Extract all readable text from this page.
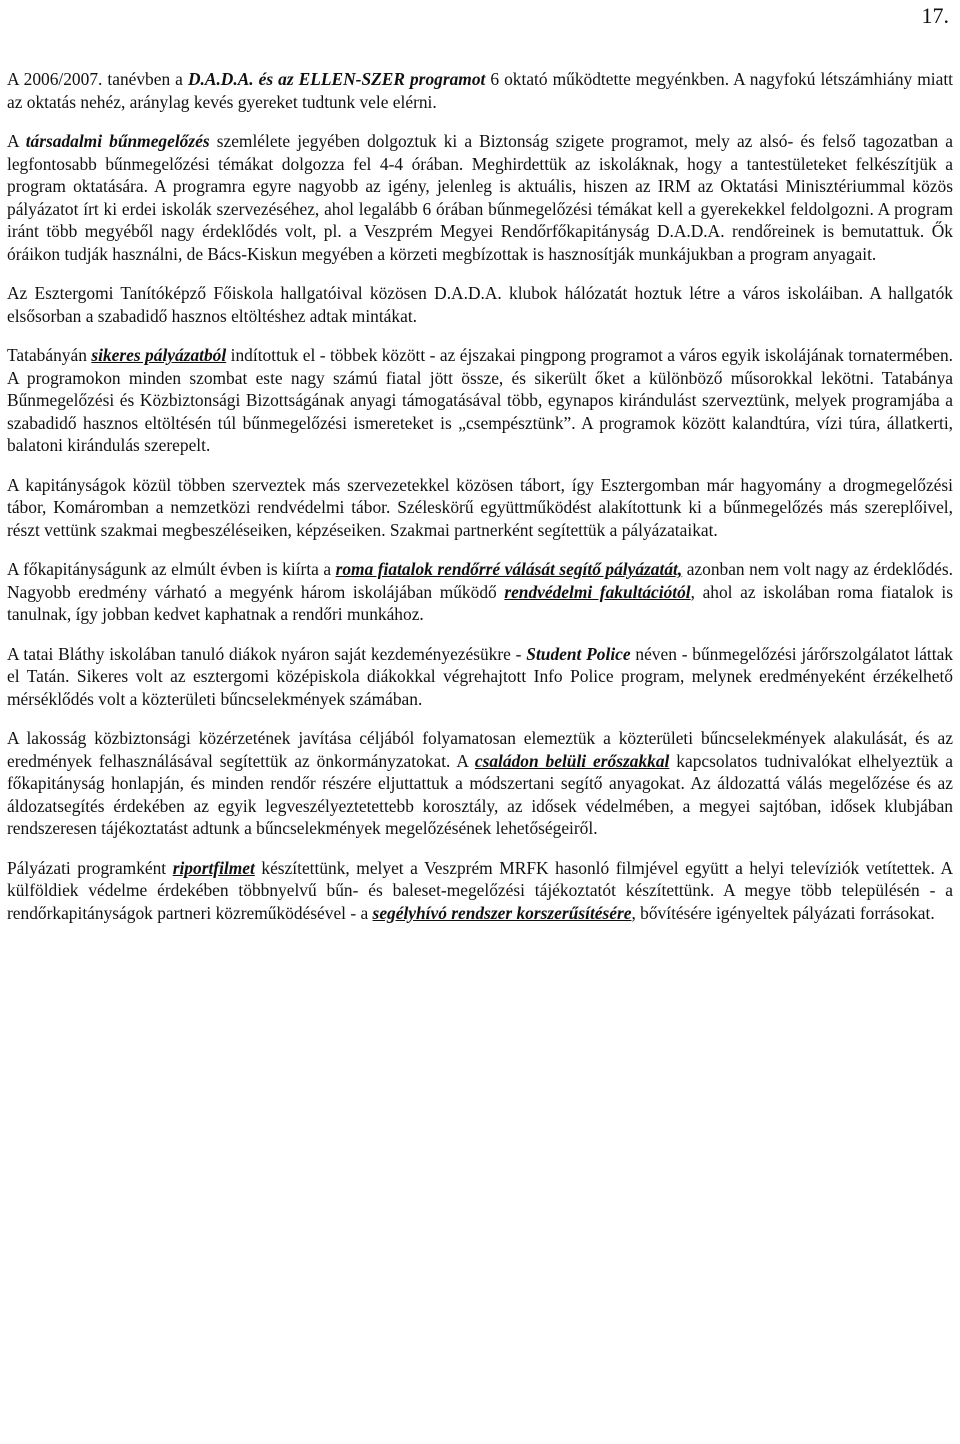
17.

A 2006/2007. tanévben a D.A.D.A. és az ELLEN-SZER programot 6 oktató működtette megyénkben. A nagyfokú létszámhiány miatt az oktatás nehéz, aránylag kevés gyereket tudtunk vele elérni.

A társadalmi bűnmegelőzés szemlélete jegyében dolgoztuk ki a Biztonság szigete programot, mely az alsó- és felső tagozatban a legfontosabb bűnmegelőzési témákat dolgozza fel 4-4 órában. Meghirdettük az iskoláknak, hogy a tantestületeket felkészítjük a program oktatására. A programra egyre nagyobb az igény, jelenleg is aktuális, hiszen az IRM az Oktatási Minisztériummal közös pályázatot írt ki erdei iskolák szervezéséhez, ahol legalább 6 órában bűnmegelőzési témákat kell a gyerekekkel feldolgozni. A program iránt több megyéből nagy érdeklődés volt, pl. a Veszprém Megyei Rendőrfőkapitányság D.A.D.A. rendőreinek is bemutattuk. Ők óráikon tudják használni, de Bács-Kiskun megyében a körzeti megbízottak is hasznosítják munkájukban a program anyagait.

Az Esztergomi Tanítóképző Főiskola hallgatóival közösen D.A.D.A. klubok hálózatát hoztuk létre a város iskoláiban. A hallgatók elsősorban a szabadidő hasznos eltöltéshez adtak mintákat.

Tatabányán sikeres pályázatból indítottuk el - többek között - az éjszakai pingpong programot a város egyik iskolájának tornatermében. A programokon minden szombat este nagy számú fiatal jött össze, és sikerült őket a különböző műsorokkal lekötni. Tatabánya Bűnmegelőzési és Közbiztonsági Bizottságának anyagi támogatásával több, egynapos kirándulást szerveztünk, melyek programjába a szabadidő hasznos eltöltésén túl bűnmegelőzési ismereteket is „csempésztünk”. A programok között kalandtúra, vízi túra, állatkerti, balatoni kirándulás szerepelt.

A kapitányságok közül többen szerveztek más szervezetekkel közösen tábort, így Esztergomban már hagyomány a drogmegelőzési tábor, Komáromban a nemzetközi rendvédelmi tábor. Széleskörű együttműködést alakítottunk ki a bűnmegelőzés más szereplőivel, részt vettünk szakmai megbeszéléseiken, képzéseiken. Szakmai partnerként segítettük a pályázataikat.

A főkapitányságunk az elmúlt évben is kiírta a roma fiatalok rendőrré válását segítő pályázatát, azonban nem volt nagy az érdeklődés. Nagyobb eredmény várható a megyénk három iskolájában működő rendvédelmi fakultációtól, ahol az iskolában roma fiatalok is tanulnak, így jobban kedvet kaphatnak a rendőri munkához.

A tatai Bláthy iskolában tanuló diákok nyáron saját kezdeményezésükre - Student Police néven - bűnmegelőzési járőrszolgálatot láttak el Tatán. Sikeres volt az esztergomi középiskola diákokkal végrehajtott Info Police program, melynek eredményeként érzékelhető mérséklődés volt a közterületi bűncselekmények számában.

A lakosság közbiztonsági közérzetének javítása céljából folyamatosan elemeztük a közterületi bűncselekmények alakulását, és az eredmények felhasználásával segítettük az önkormányzatokat. A családon belüli erőszakkal kapcsolatos tudnivalókat elhelyeztük a főkapitányság honlapján, és minden rendőr részére eljuttattuk a módszertani segítő anyagokat. Az áldozattá válás megelőzése és az áldozatsegítés érdekében az egyik legveszélyeztetettebb korosztály, az idősek védelmében, a megyei sajtóban, idősek klubjában rendszeresen tájékoztatást adtunk a bűncselekmények megelőzésének lehetőségeiről.

Pályázati programként riportfilmet készítettünk, melyet a Veszprém MRFK hasonló filmjével együtt a helyi televíziók vetítettek. A külföldiek védelme érdekében többnyelvű bűn- és baleset-megelőzési tájékoztatót készítettünk. A megye több településén - a rendőrkapitányságok partneri közreműködésével - a segélyhívó rendszer korszerűsítésére, bővítésére igényeltek pályázati forrásokat.
